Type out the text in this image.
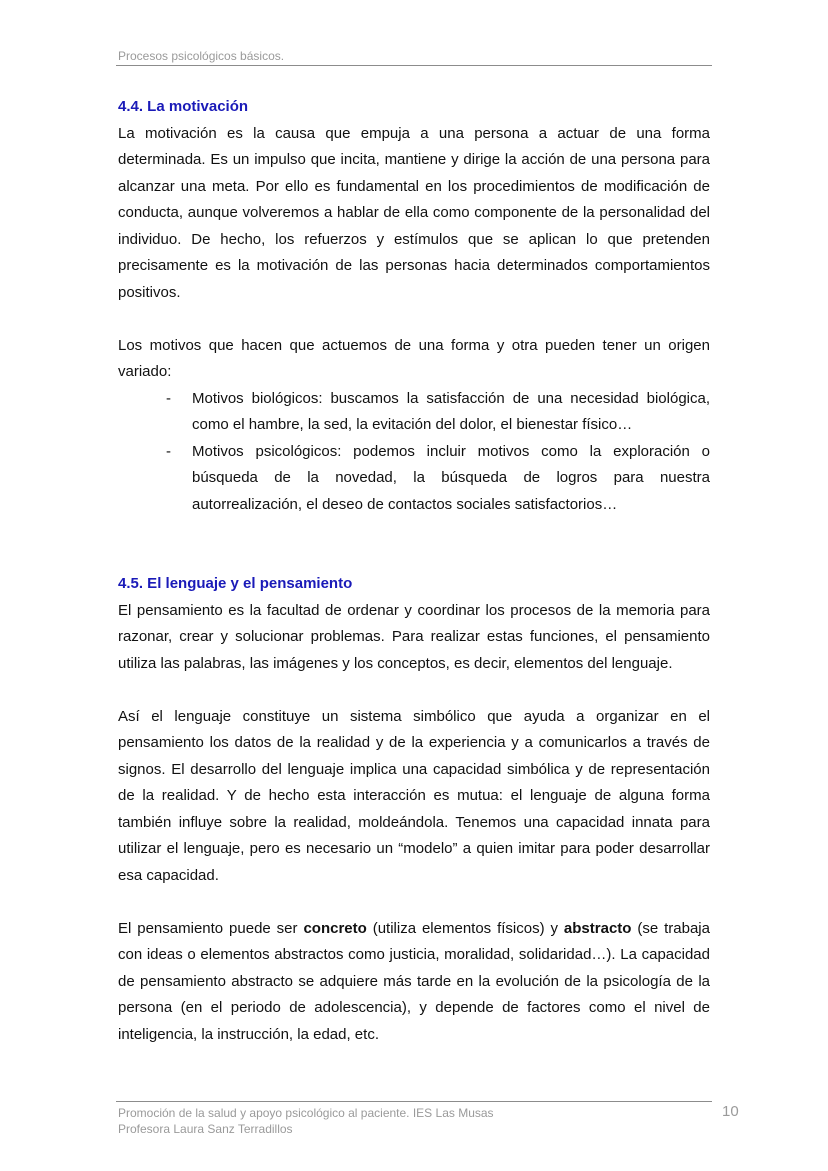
Procesos psicológicos básicos.
4.4. La motivación

La motivación es la causa que empuja a una persona a actuar de una forma determinada. Es un impulso que incita, mantiene y dirige la acción de una persona para alcanzar una meta. Por ello es fundamental en los procedimientos de modificación de conducta, aunque volveremos a hablar de ella como componente de la personalidad del individuo. De hecho, los refuerzos y estímulos que se aplican lo que pretenden precisamente es la motivación de las personas hacia determinados comportamientos positivos.

Los motivos que hacen que actuemos de una forma y otra pueden tener un origen variado:

- Motivos biológicos: buscamos la satisfacción de una necesidad biológica, como el hambre, la sed, la evitación del dolor, el bienestar físico…
- Motivos psicológicos: podemos incluir motivos como la exploración o búsqueda de la novedad, la búsqueda de logros para nuestra autorrealización, el deseo de contactos sociales satisfactorios…
4.5. El lenguaje y el pensamiento

El pensamiento es la facultad de ordenar y coordinar los procesos de la memoria para razonar, crear y solucionar problemas. Para realizar estas funciones, el pensamiento utiliza las palabras, las imágenes y los conceptos, es decir, elementos del lenguaje.

Así el lenguaje constituye un sistema simbólico que ayuda a organizar en el pensamiento los datos de la realidad y de la experiencia y a comunicarlos a través de signos. El desarrollo del lenguaje implica una capacidad simbólica y de representación de la realidad. Y de hecho esta interacción es mutua: el lenguaje de alguna forma también influye sobre la realidad, moldeándola. Tenemos una capacidad innata para utilizar el lenguaje, pero es necesario un “modelo” a quien imitar para poder desarrollar esa capacidad.

El pensamiento puede ser concreto (utiliza elementos físicos) y abstracto (se trabaja con ideas o elementos abstractos como justicia, moralidad, solidaridad…). La capacidad de pensamiento abstracto se adquiere más tarde en la evolución de la psicología de la persona (en el periodo de adolescencia), y depende de factores como el nivel de inteligencia, la instrucción, la edad, etc.

Promoción de la salud y apoyo psicológico al paciente. IES Las Musas
Profesora Laura Sanz Terradillos
10
